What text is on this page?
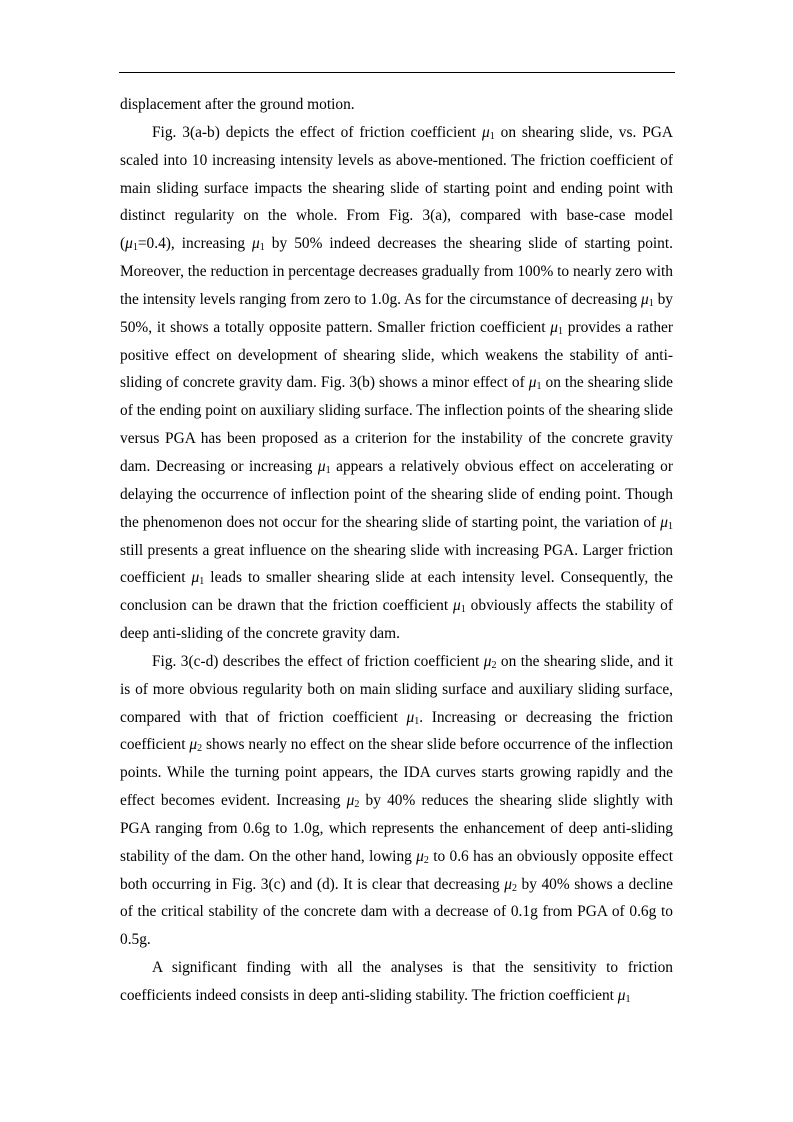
displacement after the ground motion.

Fig. 3(a-b) depicts the effect of friction coefficient $\mu_1$ on shearing slide, vs. PGA scaled into 10 increasing intensity levels as above-mentioned. The friction coefficient of main sliding surface impacts the shearing slide of starting point and ending point with distinct regularity on the whole. From Fig. 3(a), compared with base-case model $(\mu_1=0.4)$, increasing $\mu_1$ by 50% indeed decreases the shearing slide of starting point. Moreover, the reduction in percentage decreases gradually from 100% to nearly zero with the intensity levels ranging from zero to 1.0g. As for the circumstance of decreasing $\mu_1$ by 50%, it shows a totally opposite pattern. Smaller friction coefficient $\mu_1$ provides a rather positive effect on development of shearing slide, which weakens the stability of anti-sliding of concrete gravity dam. Fig. 3(b) shows a minor effect of $\mu_1$ on the shearing slide of the ending point on auxiliary sliding surface. The inflection points of the shearing slide versus PGA has been proposed as a criterion for the instability of the concrete gravity dam. Decreasing or increasing $\mu_1$ appears a relatively obvious effect on accelerating or delaying the occurrence of inflection point of the shearing slide of ending point. Though the phenomenon does not occur for the shearing slide of starting point, the variation of $\mu_1$ still presents a great influence on the shearing slide with increasing PGA. Larger friction coefficient $\mu_1$ leads to smaller shearing slide at each intensity level. Consequently, the conclusion can be drawn that the friction coefficient $\mu_1$ obviously affects the stability of deep anti-sliding of the concrete gravity dam.

Fig. 3(c-d) describes the effect of friction coefficient $\mu_2$ on the shearing slide, and it is of more obvious regularity both on main sliding surface and auxiliary sliding surface, compared with that of friction coefficient $\mu_1$. Increasing or decreasing the friction coefficient $\mu_2$ shows nearly no effect on the shear slide before occurrence of the inflection points. While the turning point appears, the IDA curves starts growing rapidly and the effect becomes evident. Increasing $\mu_2$ by 40% reduces the shearing slide slightly with PGA ranging from 0.6g to 1.0g, which represents the enhancement of deep anti-sliding stability of the dam. On the other hand, lowing $\mu_2$ to 0.6 has an obviously opposite effect both occurring in Fig. 3(c) and (d). It is clear that decreasing $\mu_2$ by 40% shows a decline of the critical stability of the concrete dam with a decrease of 0.1g from PGA of 0.6g to 0.5g.

A significant finding with all the analyses is that the sensitivity to friction coefficients indeed consists in deep anti-sliding stability. The friction coefficient $\mu_1$
